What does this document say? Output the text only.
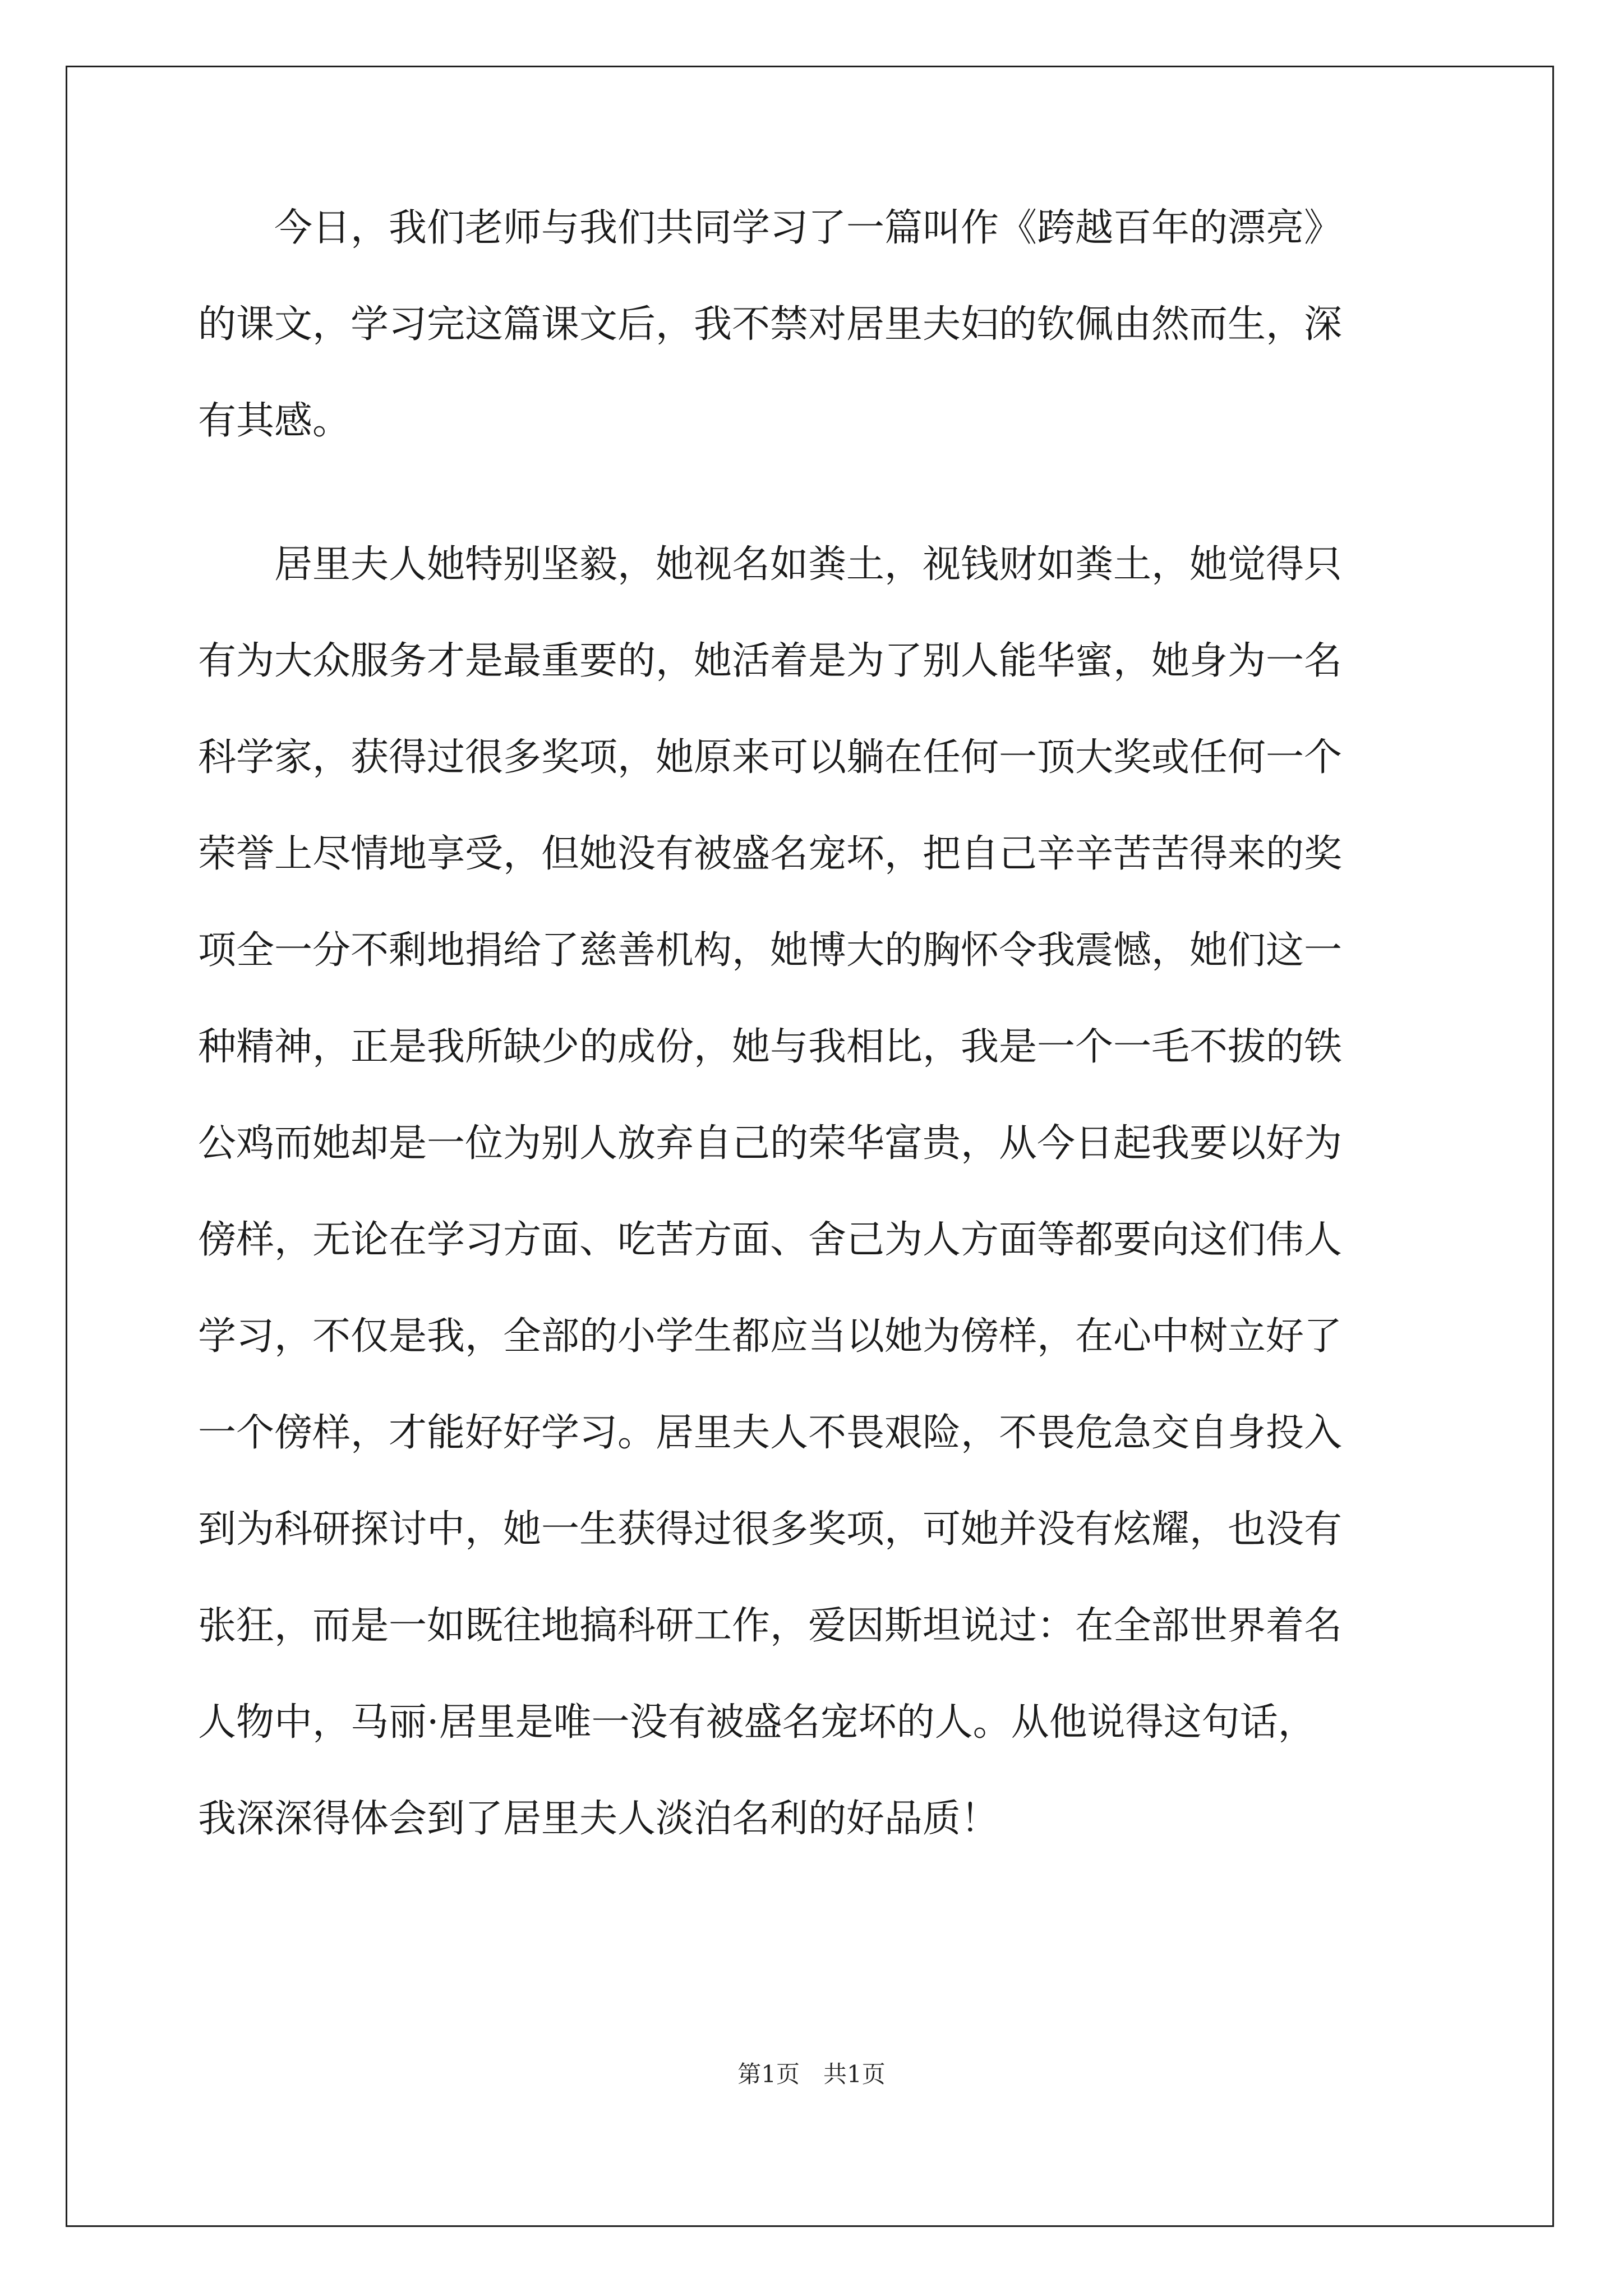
　　今日，我们老师与我们共同学习了一篇叫作《跨越百年的漂亮》
的课文，学习完这篇课文后，我不禁对居里夫妇的钦佩由然而生，深
有其感。
　　居里夫人她特别坚毅，她视名如粪土，视钱财如粪土，她觉得只
有为大众服务才是最重要的，她活着是为了别人能华蜜，她身为一名
科学家，获得过很多奖项，她原来可以躺在任何一顶大奖或任何一个
荣誉上尽情地享受，但她没有被盛名宠坏，把自己辛辛苦苦得来的奖
项全一分不剩地捐给了慈善机构，她博大的胸怀令我震憾，她们这一
种精神，正是我所缺少的成份，她与我相比，我是一个一毛不拔的铁
公鸡而她却是一位为别人放弃自己的荣华富贵，从今日起我要以好为
傍样，无论在学习方面、吃苦方面、舍己为人方面等都要向这们伟人
学习，不仅是我，全部的小学生都应当以她为傍样，在心中树立好了
一个傍样，才能好好学习。居里夫人不畏艰险，不畏危急交自身投入
到为科研探讨中，她一生获得过很多奖项，可她并没有炫耀，也没有
张狂，而是一如既往地搞科研工作，爱因斯坦说过：在全部世界着名
人物中，马丽·居里是唯一没有被盛名宠坏的人。从他说得这句话，
我深深得体会到了居里夫人淡泊名利的好品质！
第1页　共1页
